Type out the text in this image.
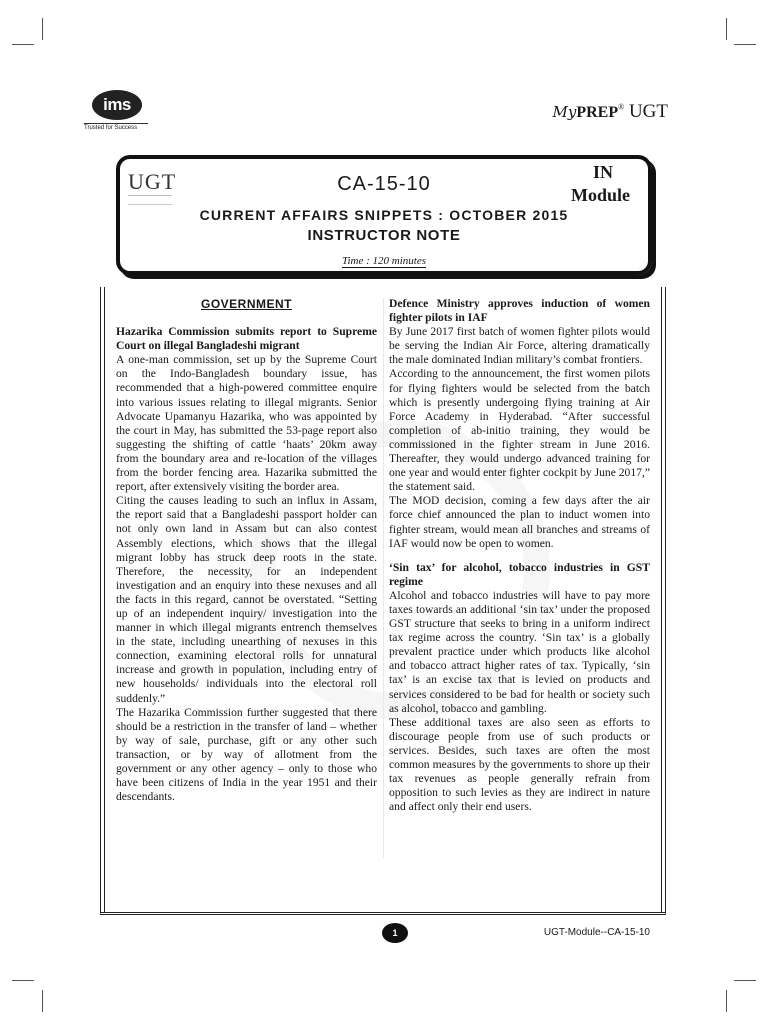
ims
Trusted for Success
MyPREP® UGT
UGT	CA-15-10
IN
Module
CURRENT AFFAIRS SNIPPETS : OCTOBER 2015
INSTRUCTOR NOTE
Time : 120 minutes

GOVERNMENT

Hazarika Commission submits report to Supreme Court on illegal Bangladeshi migrant

A one-man commission, set up by the Supreme Court on the Indo-Bangladesh boundary issue, has recommended that a high-powered committee enquire into various issues relating to illegal migrants. Senior Advocate Upamanyu Hazarika, who was appointed by the court in May, has submitted the 53-page report also suggesting the shifting of cattle ‘haats’ 20km away from the boundary area and re-location of the villages from the border fencing area. Hazarika submitted the report, after extensively visiting the border area.

Citing the causes leading to such an influx in Assam, the report said that a Bangladeshi passport holder can not only own land in Assam but can also contest Assembly elections, which shows that the illegal migrant lobby has struck deep roots in the state. Therefore, the necessity, for an independent investigation and an enquiry into these nexuses and all the facts in this regard, cannot be overstated. “Setting up of an independent inquiry/ investigation into the manner in which illegal migrants entrench themselves in the state, including unearthing of nexuses in this connection, examining electoral rolls for unnatural increase and growth in population, including entry of new households/ individuals into the electoral roll suddenly.”

The Hazarika Commission further suggested that there should be a restriction in the transfer of land – whether by way of sale, purchase, gift or any other such transaction, or by way of allotment from the government or any other agency – only to those who have been citizens of India in the year 1951 and their descendants.

Defence Ministry approves induction of women fighter pilots in IAF

By June 2017 first batch of women fighter pilots would be serving the Indian Air Force, altering dramatically the male dominated Indian military’s combat frontiers.

According to the announcement, the first women pilots for flying fighters would be selected from the batch which is presently undergoing flying training at Air Force Academy in Hyderabad. “After successful completion of ab-initio training, they would be commissioned in the fighter stream in June 2016. Thereafter, they would undergo advanced training for one year and would enter fighter cockpit by June 2017,” the statement said.

The MOD decision, coming a few days after the air force chief announced the plan to induct women into fighter stream, would mean all branches and streams of IAF would now be open to women.

‘Sin tax’ for alcohol, tobacco industries in GST regime

Alcohol and tobacco industries will have to pay more taxes towards an additional ‘sin tax’ under the proposed GST structure that seeks to bring in a uniform indirect tax regime across the country. ‘Sin tax’ is a globally prevalent practice under which products like alcohol and tobacco attract higher rates of tax. Typically, ‘sin tax’ is an excise tax that is levied on products and services considered to be bad for health or society such as alcohol, tobacco and gambling.

These additional taxes are also seen as efforts to discourage people from use of such products or services. Besides, such taxes are often the most common measures by the governments to shore up their tax revenues as people generally refrain from opposition to such levies as they are indirect in nature and affect only their end users.

1	UGT-Module--CA-15-10
